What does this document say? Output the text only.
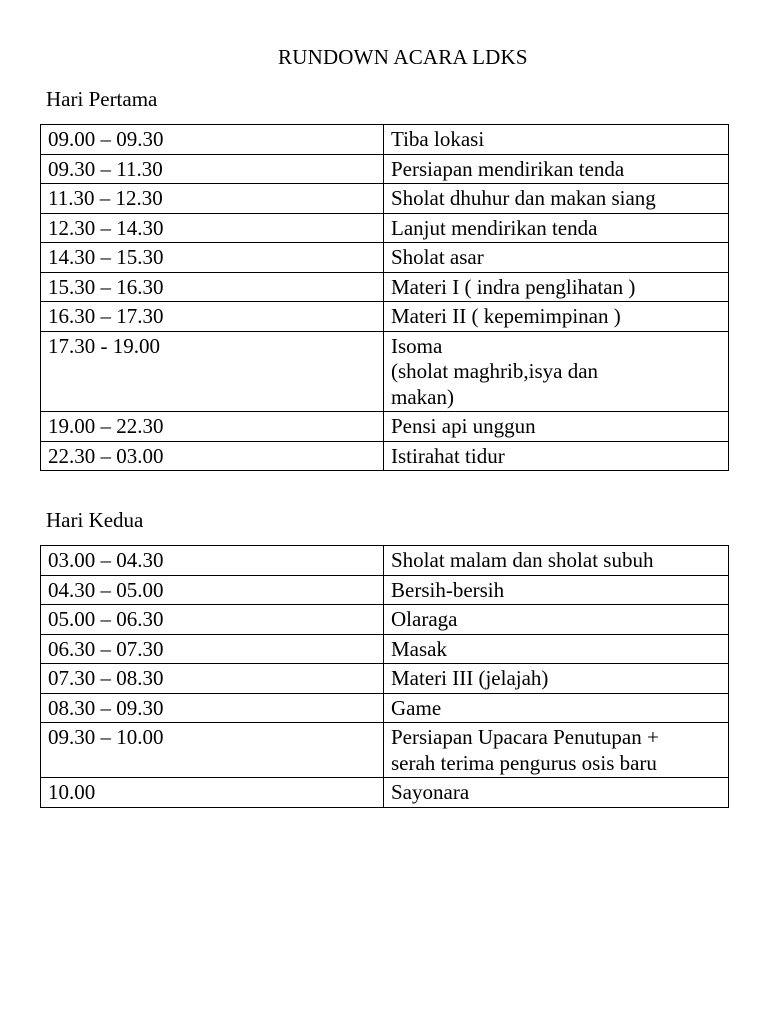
RUNDOWN ACARA LDKS
Hari Pertama
09.00 – 09.30	Tiba lokasi
09.30 – 11.30	Persiapan mendirikan tenda
11.30 – 12.30	Sholat dhuhur dan makan siang
12.30 – 14.30	Lanjut mendirikan tenda
14.30 – 15.30	Sholat asar
15.30 – 16.30	Materi I ( indra penglihatan )
16.30 – 17.30	Materi II ( kepemimpinan )
17.30 - 19.00	Isoma
(sholat maghrib,isya dan
makan)
19.00 – 22.30	Pensi api unggun
22.30 – 03.00	Istirahat tidur
Hari Kedua
03.00 – 04.30	Sholat malam dan sholat subuh
04.30 – 05.00	Bersih-bersih
05.00 – 06.30	Olaraga
06.30 – 07.30	Masak
07.30 – 08.30	Materi III (jelajah)
08.30 – 09.30	Game
09.30 – 10.00	Persiapan Upacara Penutupan +
serah terima pengurus osis baru
10.00	Sayonara
